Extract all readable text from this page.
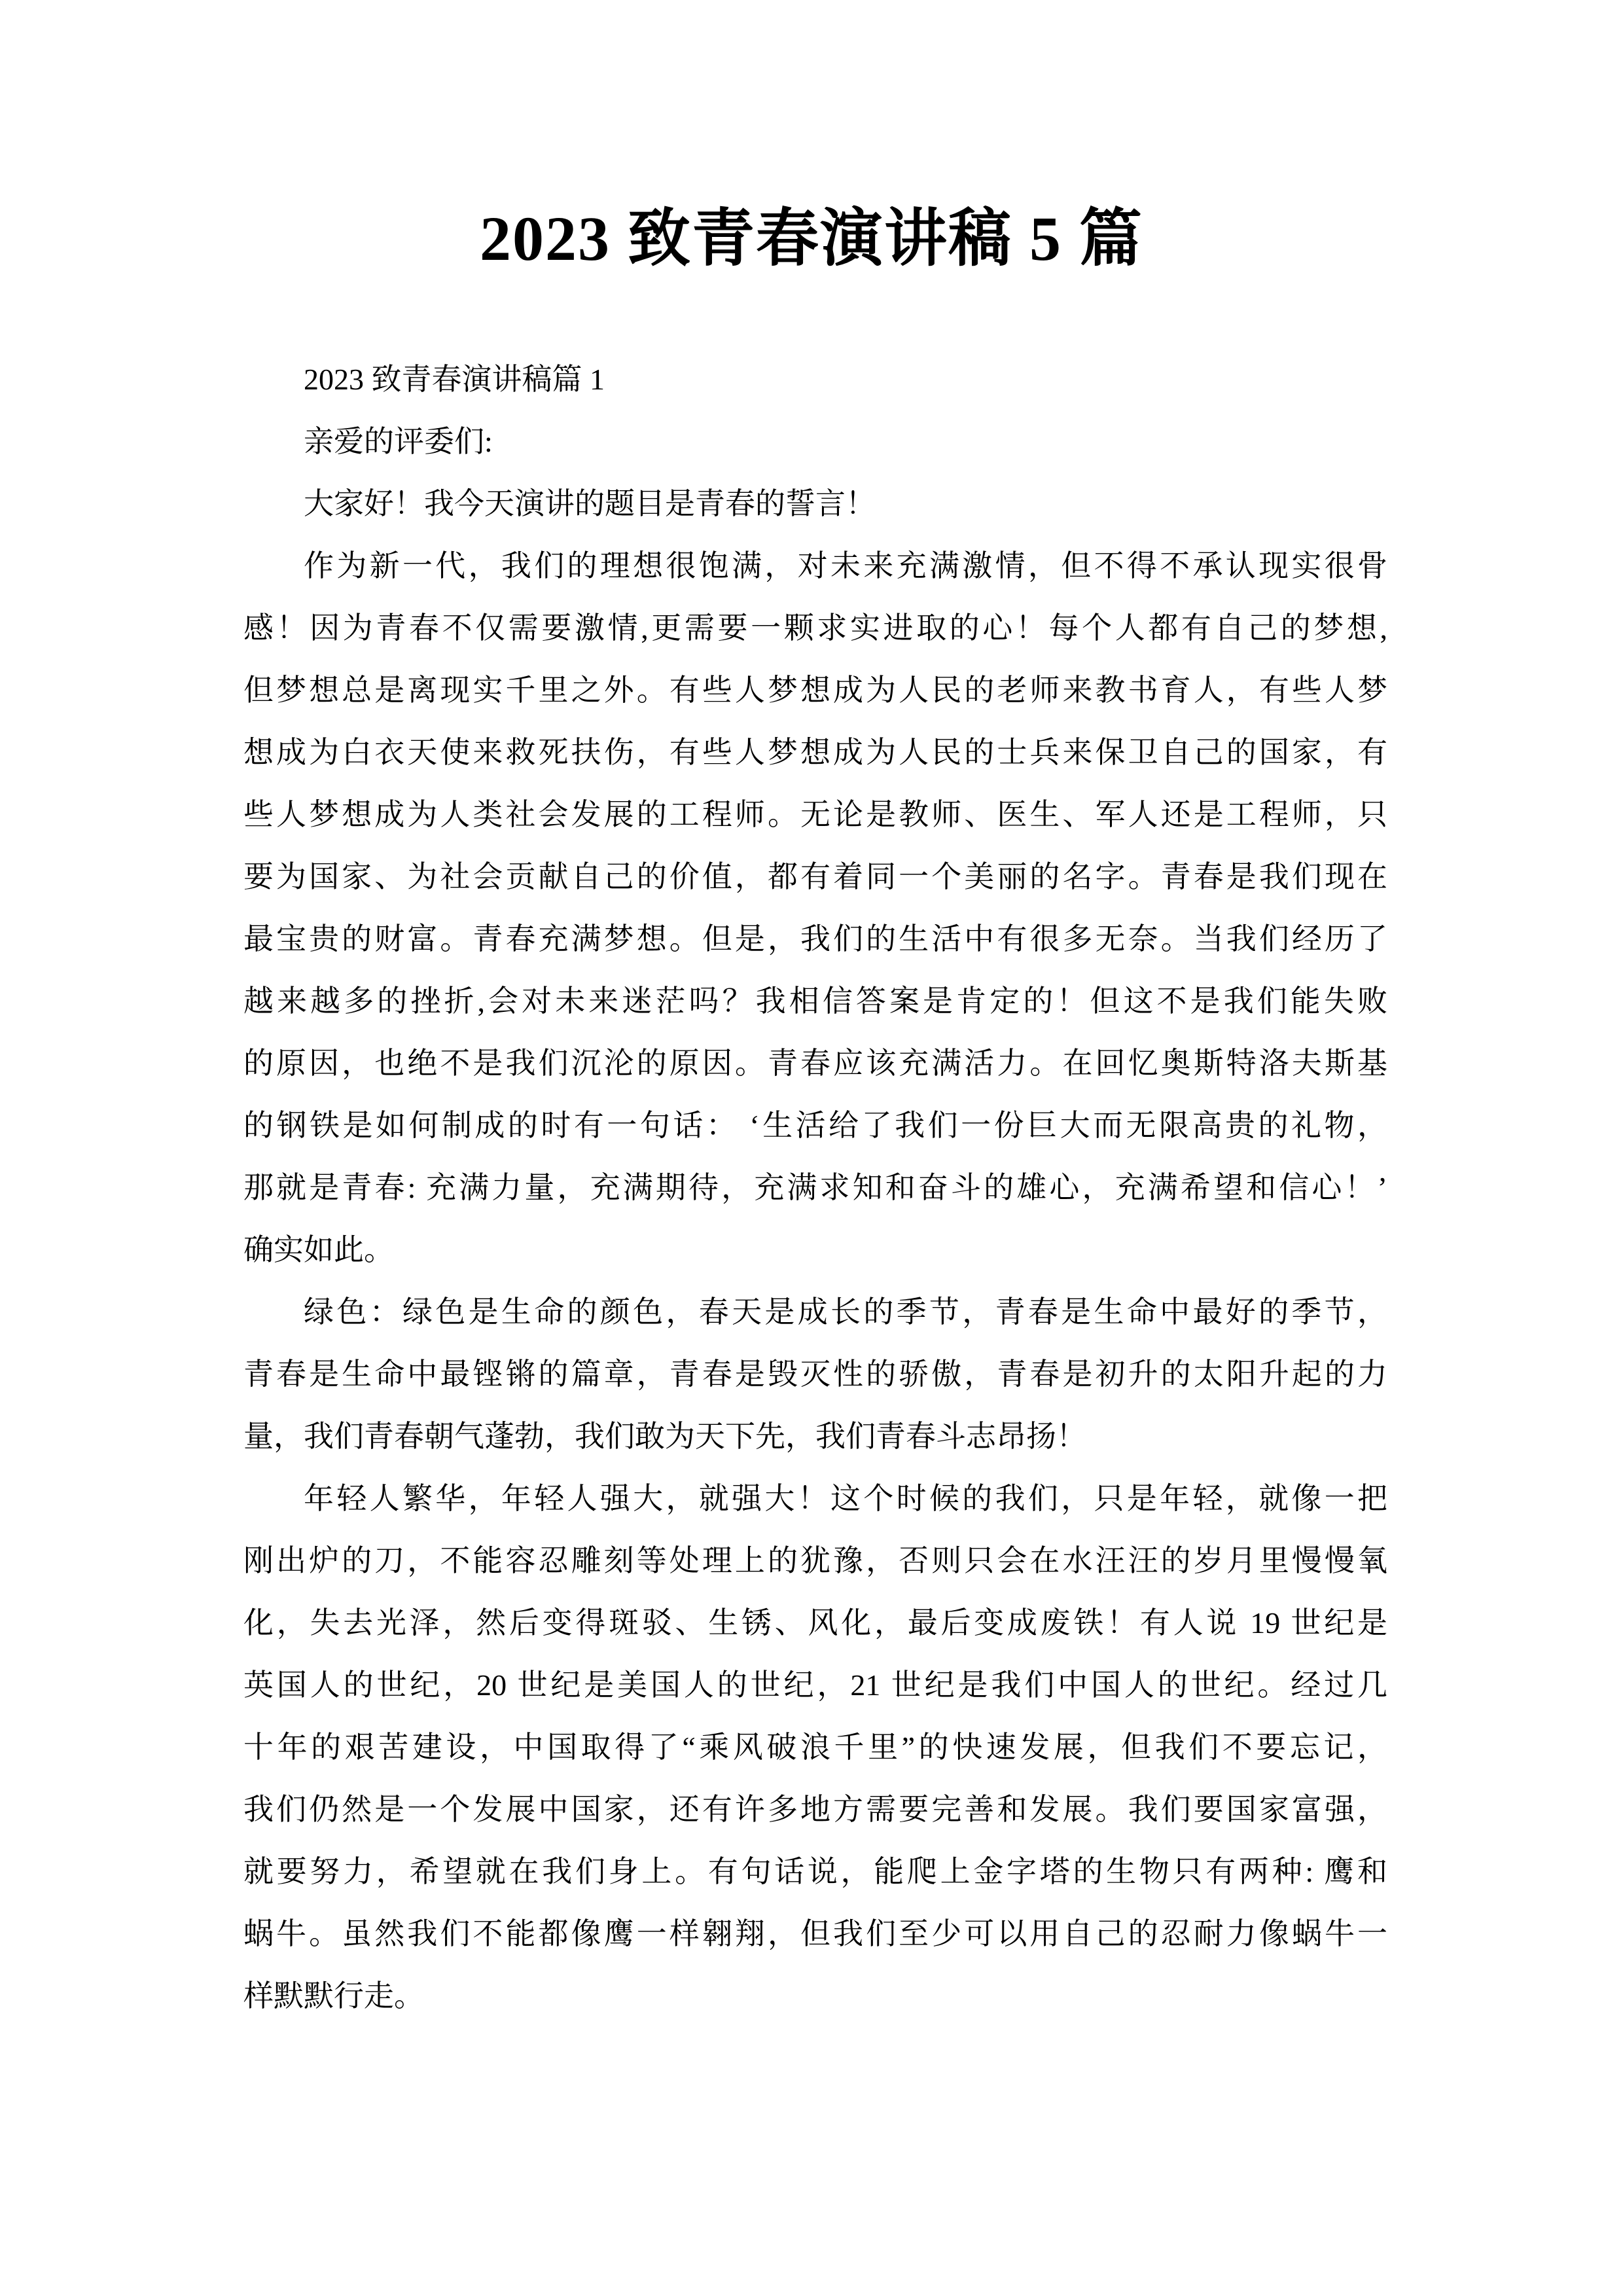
2023 致青春演讲稿 5 篇
2023 致青春演讲稿篇 1
亲爱的评委们:
大家好！我今天演讲的题目是青春的誓言！
作为新一代，我们的理想很饱满，对未来充满激情，但不得不承认现实很骨
感！因为青春不仅需要激情,更需要一颗求实进取的心！每个人都有自己的梦想,
但梦想总是离现实千里之外。有些人梦想成为人民的老师来教书育人，有些人梦
想成为白衣天使来救死扶伤，有些人梦想成为人民的士兵来保卫自己的国家，有
些人梦想成为人类社会发展的工程师。无论是教师、医生、军人还是工程师，只
要为国家、为社会贡献自己的价值，都有着同一个美丽的名字。青春是我们现在
最宝贵的财富。青春充满梦想。但是，我们的生活中有很多无奈。当我们经历了
越来越多的挫折,会对未来迷茫吗？我相信答案是肯定的！但这不是我们能失败
的原因，也绝不是我们沉沦的原因。青春应该充满活力。在回忆奥斯特洛夫斯基
的钢铁是如何制成的时有一句话： ‘生活给了我们一份巨大而无限高贵的礼物，
那就是青春: 充满力量，充满期待，充满求知和奋斗的雄心，充满希望和信心！’
确实如此。
绿色：绿色是生命的颜色，春天是成长的季节，青春是生命中最好的季节，
青春是生命中最铿锵的篇章，青春是毁灭性的骄傲，青春是初升的太阳升起的力
量，我们青春朝气蓬勃，我们敢为天下先，我们青春斗志昂扬！
年轻人繁华，年轻人强大，就强大！这个时候的我们，只是年轻，就像一把
刚出炉的刀，不能容忍雕刻等处理上的犹豫，否则只会在水汪汪的岁月里慢慢氧
化，失去光泽，然后变得斑驳、生锈、风化，最后变成废铁！有人说 19 世纪是
英国人的世纪，20 世纪是美国人的世纪，21 世纪是我们中国人的世纪。经过几
十年的艰苦建设，中国取得了“乘风破浪千里”的快速发展，但我们不要忘记，
我们仍然是一个发展中国家，还有许多地方需要完善和发展。我们要国家富强，
就要努力，希望就在我们身上。有句话说，能爬上金字塔的生物只有两种: 鹰和
蜗牛。虽然我们不能都像鹰一样翱翔，但我们至少可以用自己的忍耐力像蜗牛一
样默默行走。
